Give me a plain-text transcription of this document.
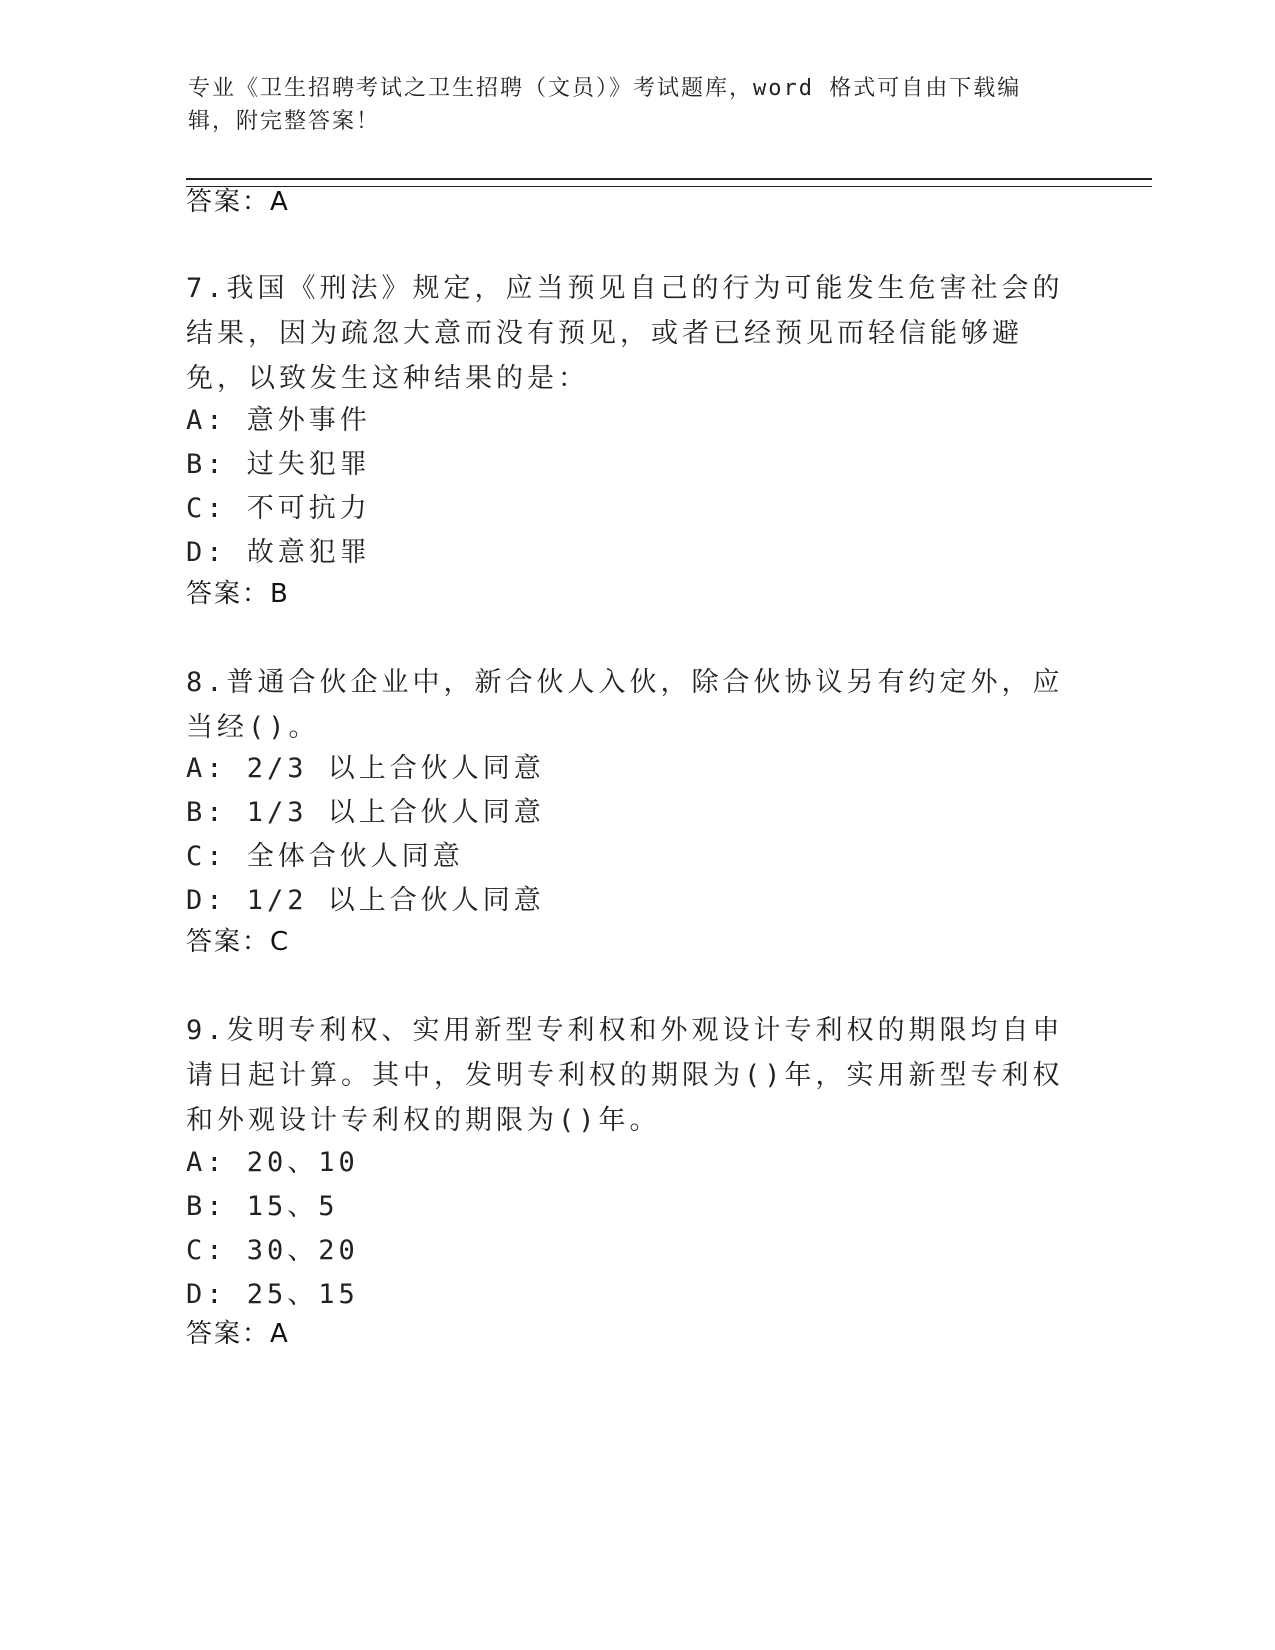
专业《卫生招聘考试之卫生招聘（文员）》考试题库，word 格式可自由下载编辑，附完整答案！
答案：A
7.我国《刑法》规定，应当预见自己的行为可能发生危害社会的结果，因为疏忽大意而没有预见，或者已经预见而轻信能够避免，以致发生这种结果的是：
A: 意外事件
B: 过失犯罪
C: 不可抗力
D: 故意犯罪
答案：B
8.普通合伙企业中，新合伙人入伙，除合伙协议另有约定外，应当经()。
A: 2/3 以上合伙人同意
B: 1/3 以上合伙人同意
C: 全体合伙人同意
D: 1/2 以上合伙人同意
答案：C
9.发明专利权、实用新型专利权和外观设计专利权的期限均自申请日起计算。其中，发明专利权的期限为()年，实用新型专利权和外观设计专利权的期限为()年。
A: 20、10
B: 15、5
C: 30、20
D: 25、15
答案：A
